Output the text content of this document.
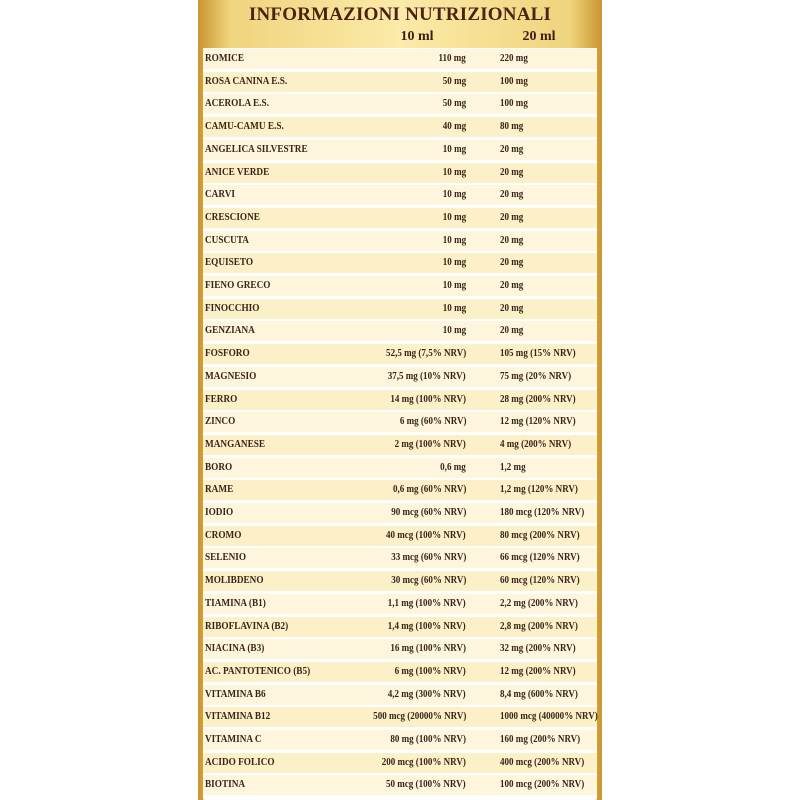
INFORMAZIONI NUTRIZIONALI
10 ml	20 ml
ROMICE	110 mg	220 mg
ROSA CANINA E.S.	50 mg	100 mg
ACEROLA E.S.	50 mg	100 mg
CAMU-CAMU E.S.	40 mg	80 mg
ANGELICA SILVESTRE	10 mg	20 mg
ANICE VERDE	10 mg	20 mg
CARVI	10 mg	20 mg
CRESCIONE	10 mg	20 mg
CUSCUTA	10 mg	20 mg
EQUISETO	10 mg	20 mg
FIENO GRECO	10 mg	20 mg
FINOCCHIO	10 mg	20 mg
GENZIANA	10 mg	20 mg
FOSFORO	52,5 mg (7,5% NRV)	105 mg (15% NRV)
MAGNESIO	37,5 mg (10% NRV)	75 mg (20% NRV)
FERRO	14 mg (100% NRV)	28 mg (200% NRV)
ZINCO	6 mg (60% NRV)	12 mg (120% NRV)
MANGANESE	2 mg (100% NRV)	4 mg (200% NRV)
BORO	0,6 mg	1,2 mg
RAME	0,6 mg (60% NRV)	1,2 mg (120% NRV)
IODIO	90 mcg (60% NRV)	180 mcg (120% NRV)
CROMO	40 mcg (100% NRV)	80 mcg (200% NRV)
SELENIO	33 mcg (60% NRV)	66 mcg (120% NRV)
MOLIBDENO	30 mcg (60% NRV)	60 mcg (120% NRV)
TIAMINA (B1)	1,1 mg (100% NRV)	2,2 mg (200% NRV)
RIBOFLAVINA (B2)	1,4 mg (100% NRV)	2,8 mg (200% NRV)
NIACINA (B3)	16 mg (100% NRV)	32 mg (200% NRV)
AC. PANTOTENICO (B5)	6 mg (100% NRV)	12 mg (200% NRV)
VITAMINA B6	4,2 mg (300% NRV)	8,4 mg (600% NRV)
VITAMINA B12	500 mcg (20000% NRV)	1000 mcg (40000% NRV)
VITAMINA C	80 mg (100% NRV)	160 mg (200% NRV)
ACIDO FOLICO	200 mcg (100% NRV)	400 mcg (200% NRV)
BIOTINA	50 mcg (100% NRV)	100 mcg (200% NRV)
